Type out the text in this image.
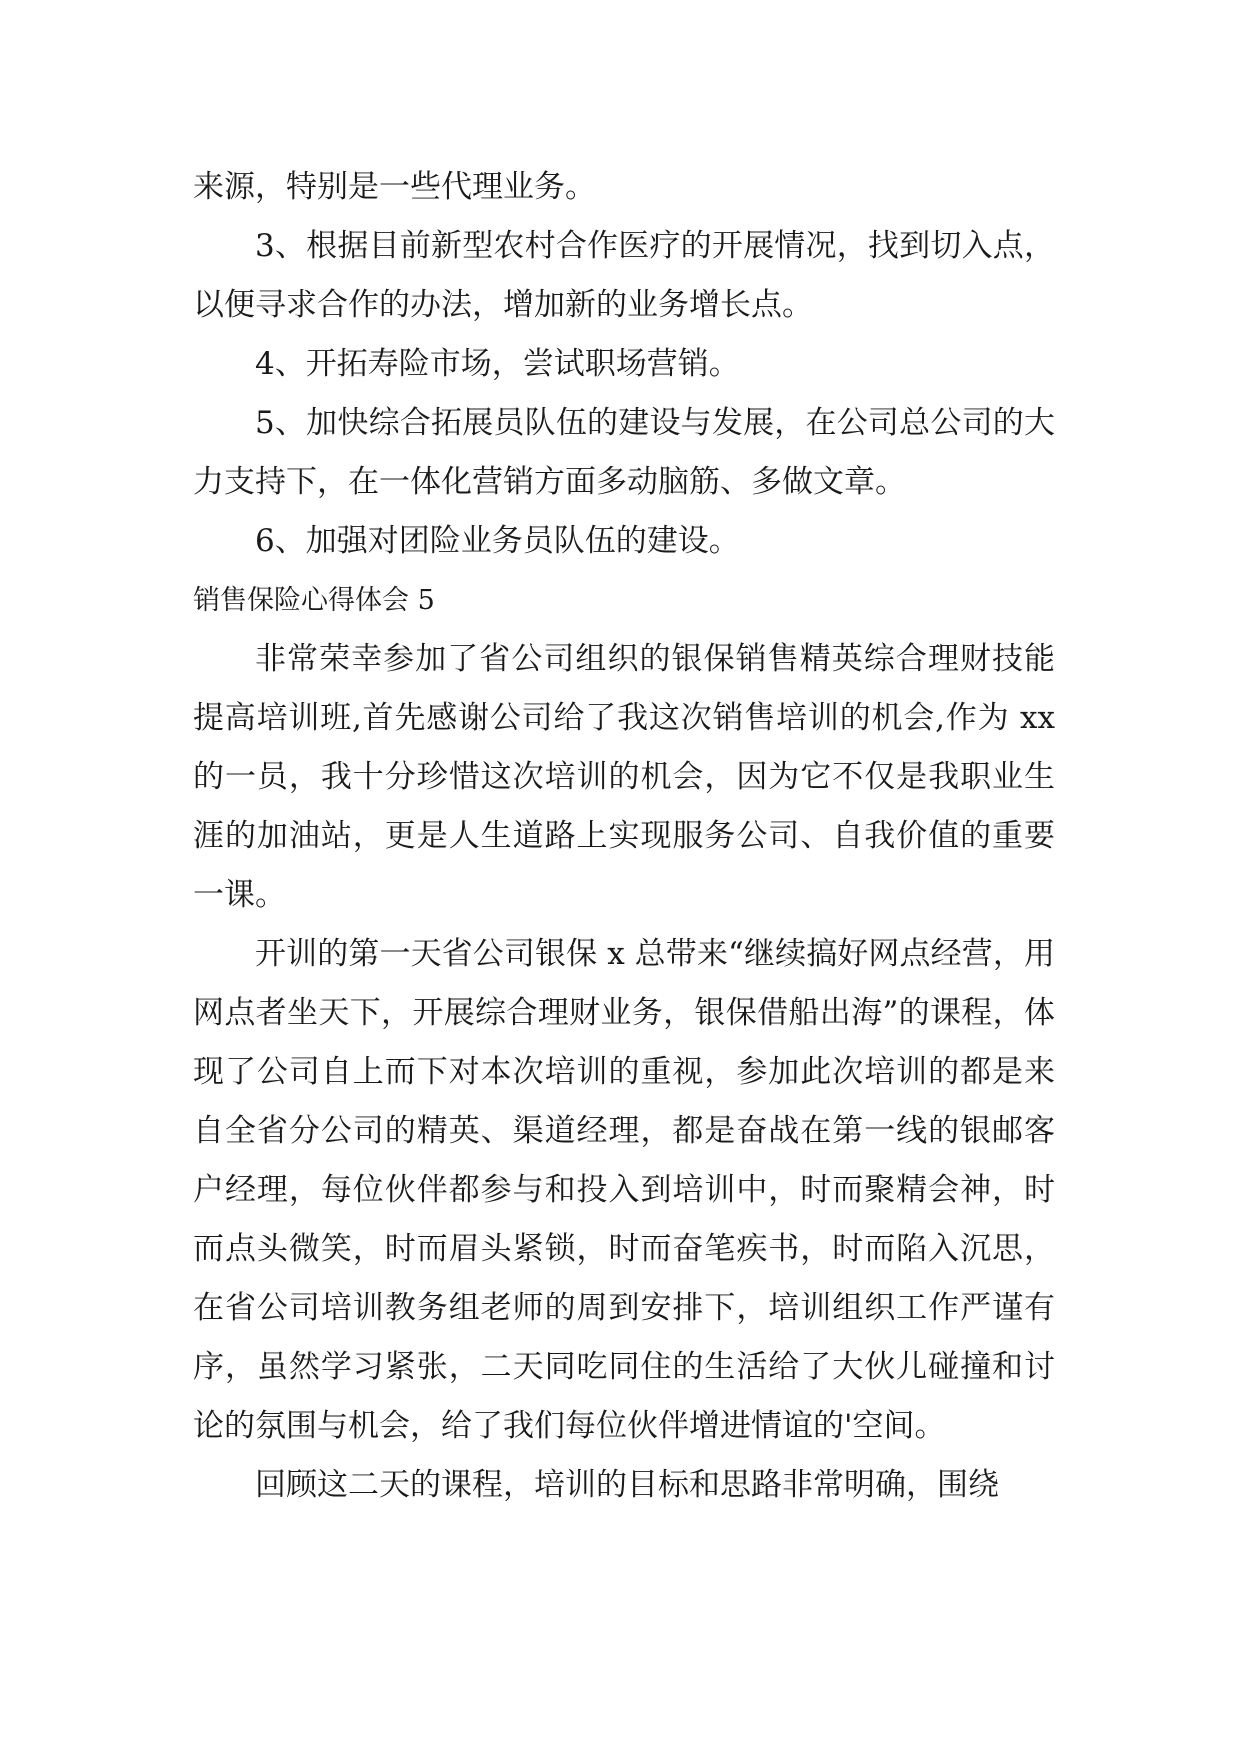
来源，特别是一些代理业务。

3、根据目前新型农村合作医疗的开展情况，找到切入点，以便寻求合作的办法，增加新的业务增长点。

4、开拓寿险市场，尝试职场营销。

5、加快综合拓展员队伍的建设与发展，在公司总公司的大力支持下，在一体化营销方面多动脑筋、多做文章。

6、加强对团险业务员队伍的建设。

销售保险心得体会 5

非常荣幸参加了省公司组织的银保销售精英综合理财技能提高培训班,首先感谢公司给了我这次销售培训的机会,作为 xx 的一员，我十分珍惜这次培训的机会，因为它不仅是我职业生涯的加油站，更是人生道路上实现服务公司、自我价值的重要一课。

开训的第一天省公司银保 x 总带来“继续搞好网点经营，用网点者坐天下，开展综合理财业务，银保借船出海”的课程，体现了公司自上而下对本次培训的重视，参加此次培训的都是来自全省分公司的精英、渠道经理，都是奋战在第一线的银邮客户经理，每位伙伴都参与和投入到培训中，时而聚精会神，时而点头微笑，时而眉头紧锁，时而奋笔疾书，时而陷入沉思，在省公司培训教务组老师的周到安排下，培训组织工作严谨有序，虽然学习紧张，二天同吃同住的生活给了大伙儿碰撞和讨论的氛围与机会，给了我们每位伙伴增进情谊的'空间。

回顾这二天的课程，培训的目标和思路非常明确，围绕
